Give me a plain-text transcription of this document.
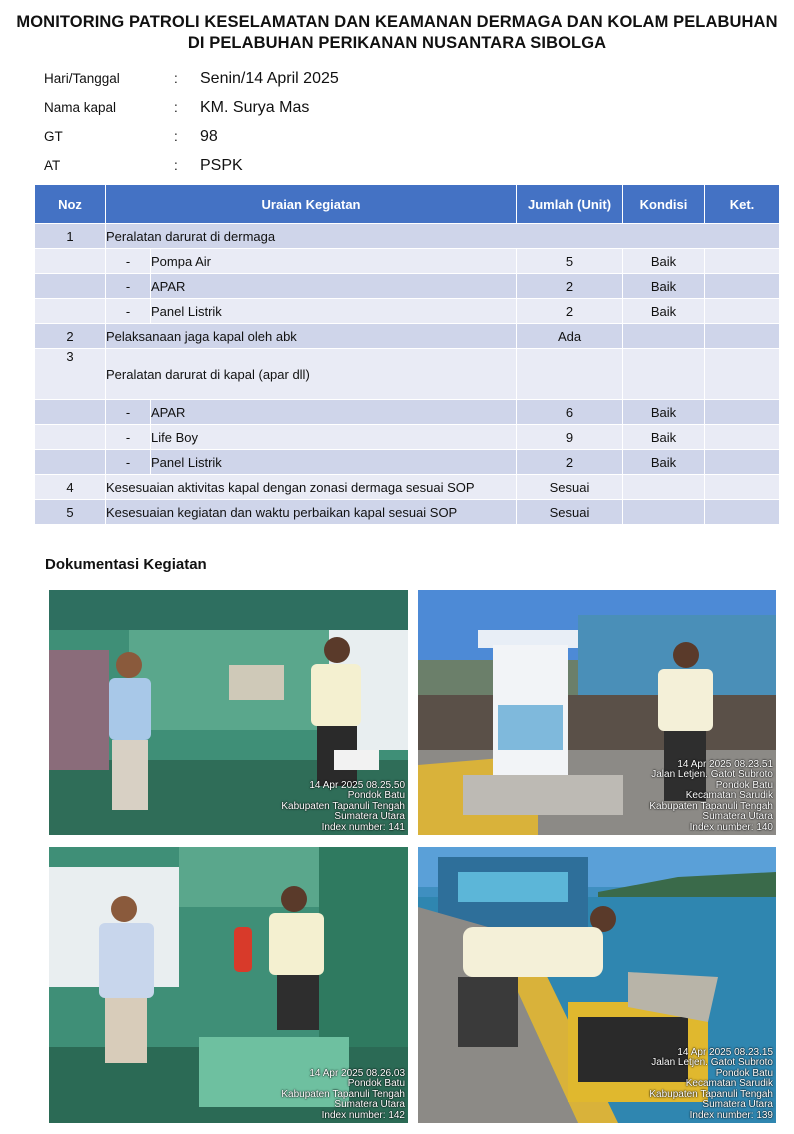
MONITORING PATROLI KESELAMATAN DAN KEAMANAN DERMAGA DAN KOLAM PELABUHAN
DI PELABUHAN PERIKANAN NUSANTARA SIBOLGA
Hari/Tanggal	:	Senin/14 April 2025
Nama kapal	:	KM. Surya Mas
GT	:	98
AT	:	PSPK
Noz	Uraian Kegiatan		Jumlah (Unit)	Kondisi	Ket.
1	Peralatan darurat di dermaga				
	-	Pompa Air	5	Baik	
	-	APAR	2	Baik	
	-	Panel Listrik	2	Baik	
2	Pelaksanaan jaga kapal oleh abk		Ada		
3	Peralatan darurat di kapal (apar dll)				
	-	APAR	6	Baik	
	-	Life Boy	9	Baik	
	-	Panel Listrik	2	Baik	
4	Kesesuaian aktivitas kapal dengan zonasi dermaga sesuai SOP		Sesuai		
5	Kesesuaian kegiatan dan waktu perbaikan kapal sesuai SOP		Sesuai		
Dokumentasi Kegiatan
14 Apr 2025 08.25.50
Pondok Batu
Kabupaten Tapanuli Tengah
Sumatera Utara
Index number: 141
14 Apr 2025 08.23.51
Jalan Letjen. Gatot Subroto
Pondok Batu
Kecamatan Sarudik
Kabupaten Tapanuli Tengah
Sumatera Utara
Index number: 140
14 Apr 2025 08.26.03
Pondok Batu
Kabupaten Tapanuli Tengah
Sumatera Utara
Index number: 142
14 Apr 2025 08.23.15
Jalan Letjen. Gatot Subroto
Pondok Batu
Kecamatan Sarudik
Kabupaten Tapanuli Tengah
Sumatera Utara
Index number: 139
